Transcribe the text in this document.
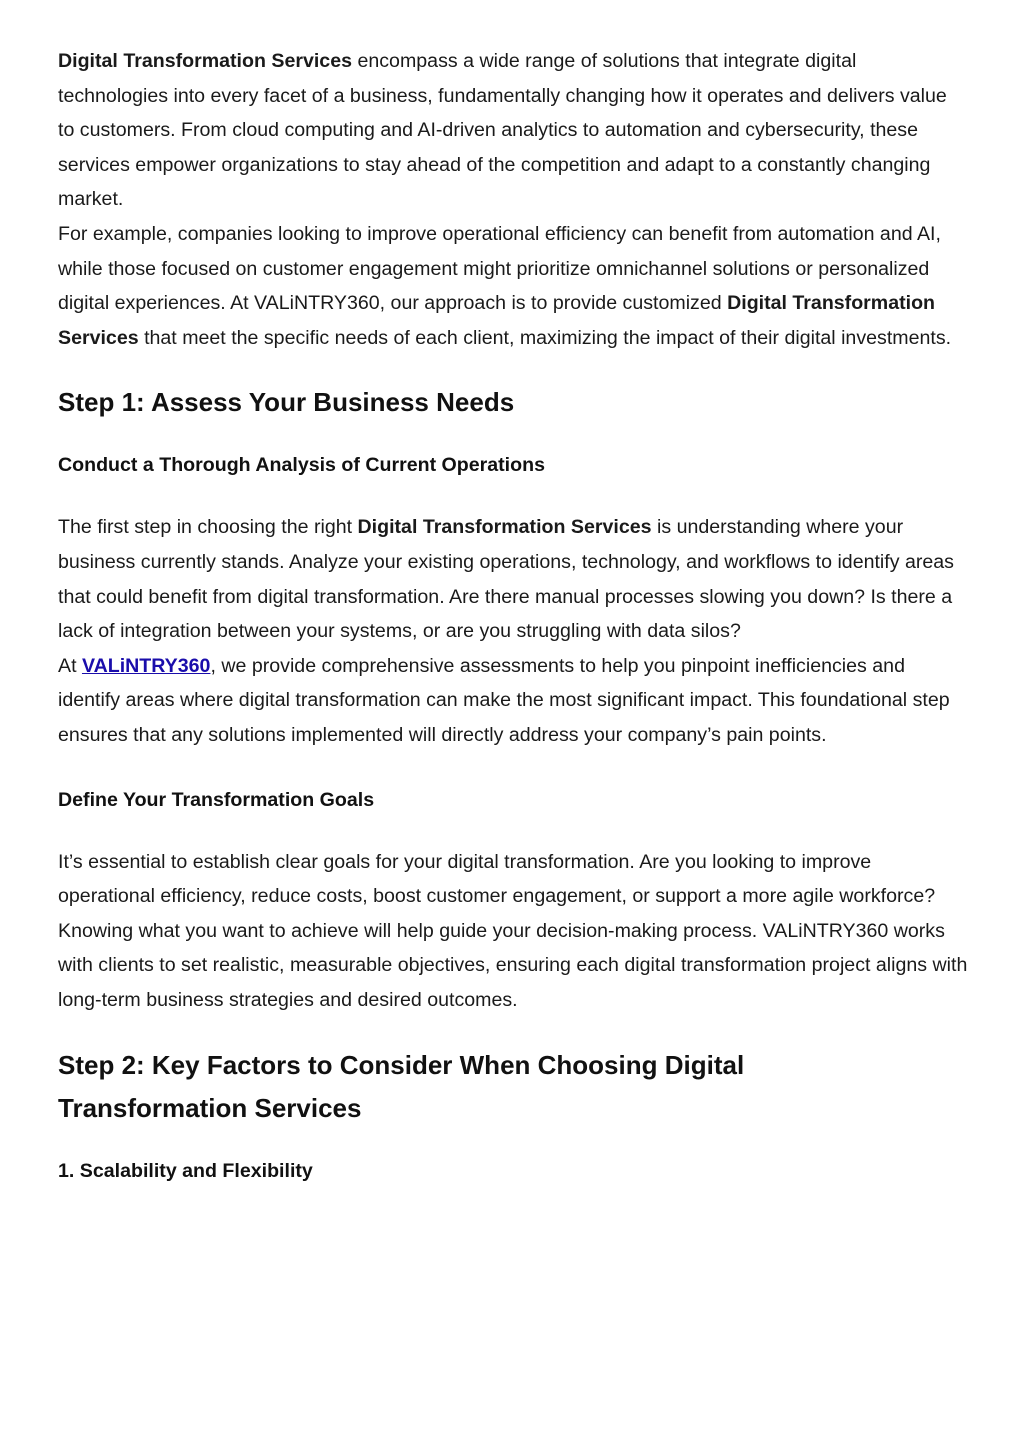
Digital Transformation Services encompass a wide range of solutions that integrate digital technologies into every facet of a business, fundamentally changing how it operates and delivers value to customers. From cloud computing and AI-driven analytics to automation and cybersecurity, these services empower organizations to stay ahead of the competition and adapt to a constantly changing market.

For example, companies looking to improve operational efficiency can benefit from automation and AI, while those focused on customer engagement might prioritize omnichannel solutions or personalized digital experiences. At VALiNTRY360, our approach is to provide customized Digital Transformation Services that meet the specific needs of each client, maximizing the impact of their digital investments.

Step 1: Assess Your Business Needs
Conduct a Thorough Analysis of Current Operations

The first step in choosing the right Digital Transformation Services is understanding where your business currently stands. Analyze your existing operations, technology, and workflows to identify areas that could benefit from digital transformation. Are there manual processes slowing you down? Is there a lack of integration between your systems, or are you struggling with data silos?

At VALiNTRY360, we provide comprehensive assessments to help you pinpoint inefficiencies and identify areas where digital transformation can make the most significant impact. This foundational step ensures that any solutions implemented will directly address your company’s pain points.

Define Your Transformation Goals

It’s essential to establish clear goals for your digital transformation. Are you looking to improve operational efficiency, reduce costs, boost customer engagement, or support a more agile workforce? Knowing what you want to achieve will help guide your decision-making process. VALiNTRY360 works with clients to set realistic, measurable objectives, ensuring each digital transformation project aligns with long-term business strategies and desired outcomes.

Step 2: Key Factors to Consider When Choosing Digital
Transformation Services
1. Scalability and Flexibility
